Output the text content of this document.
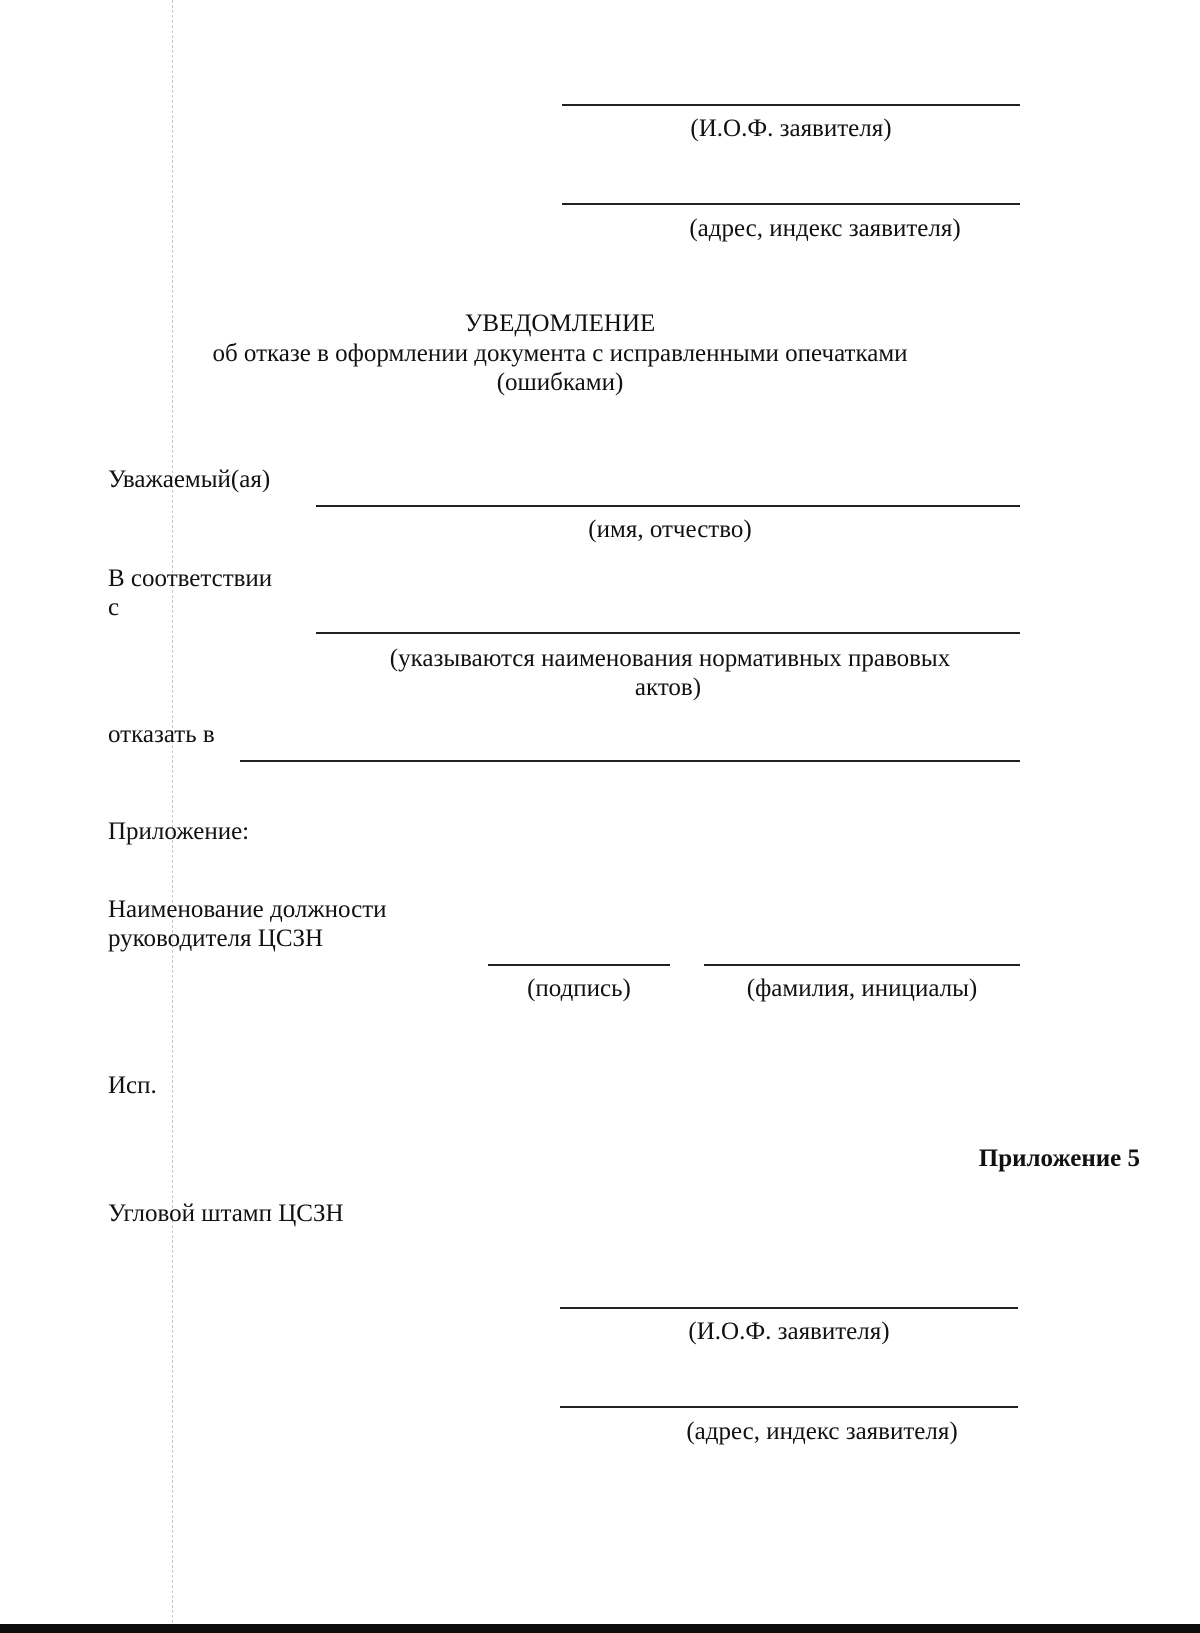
(И.О.Ф. заявителя)
(адрес, индекс заявителя)
УВЕДОМЛЕНИЕ
об отказе в оформлении документа с исправленными опечатками
(ошибками)
Уважаемый(ая)
(имя, отчество)
В соответствии
с
(указываются наименования нормативных правовых
актов)
отказать в
Приложение:
Наименование должности
руководителя ЦСЗН
(подпись)	(фамилия, инициалы)
Исп.
Приложение 5
Угловой штамп ЦСЗН
(И.О.Ф. заявителя)
(адрес, индекс заявителя)
